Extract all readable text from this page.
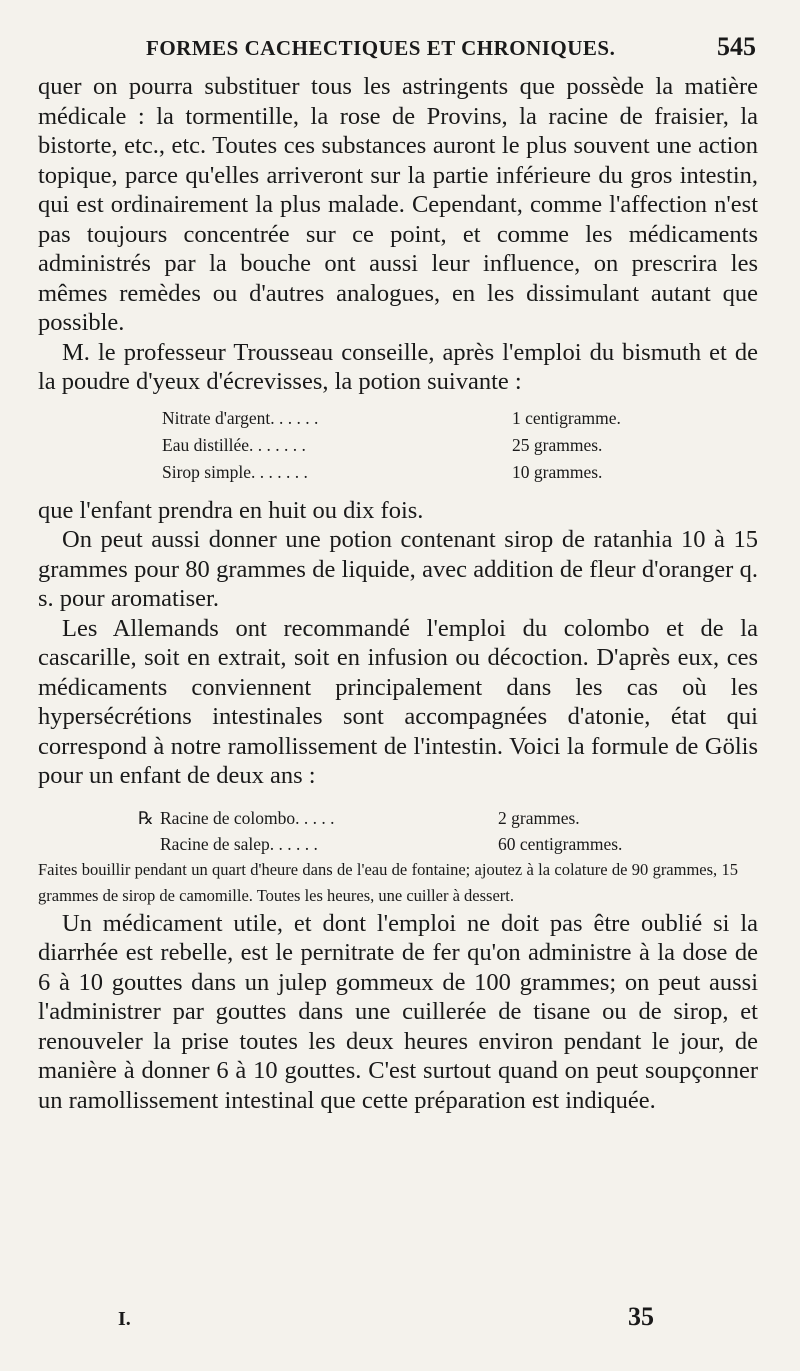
FORMES CACHECTIQUES ET CHRONIQUES.	545

quer on pourra substituer tous les astringents que possède la matière médicale : la tormentille, la rose de Provins, la racine de fraisier, la bistorte, etc., etc. Toutes ces substances auront le plus souvent une action topique, parce qu'elles arriveront sur la partie inférieure du gros intestin, qui est ordinairement la plus malade. Cependant, comme l'affection n'est pas toujours concentrée sur ce point, et comme les médicaments administrés par la bouche ont aussi leur influence, on prescrira les mêmes remèdes ou d'autres analogues, en les dissimulant autant que possible.

M. le professeur Trousseau conseille, après l'emploi du bismuth et de la poudre d'yeux d'écrevisses, la potion suivante :

Nitrate d'argent. . . . . .	1 centigramme.
Eau distillée. . . . . . .	25 grammes.
Sirop simple. . . . . . .	10 grammes.

que l'enfant prendra en huit ou dix fois.

On peut aussi donner une potion contenant sirop de ratanhia 10 à 15 grammes pour 80 grammes de liquide, avec addition de fleur d'oranger q. s. pour aromatiser.

Les Allemands ont recommandé l'emploi du colombo et de la cascarille, soit en extrait, soit en infusion ou décoction. D'après eux, ces médicaments conviennent principalement dans les cas où les hypersécrétions intestinales sont accompagnées d'atonie, état qui correspond à notre ramollissement de l'intestin. Voici la formule de Gölis pour un enfant de deux ans :

℞ Racine de colombo. . . . .	2 grammes.
Racine de salep. . . . . .	60 centigrammes.

Faites bouillir pendant un quart d'heure dans de l'eau de fontaine; ajoutez à la colature de 90 grammes, 15 grammes de sirop de camomille. Toutes les heures, une cuiller à dessert.

Un médicament utile, et dont l'emploi ne doit pas être oublié si la diarrhée est rebelle, est le pernitrate de fer qu'on administre à la dose de 6 à 10 gouttes dans un julep gommeux de 100 grammes; on peut aussi l'administrer par gouttes dans une cuillerée de tisane ou de sirop, et renouveler la prise toutes les deux heures environ pendant le jour, de manière à donner 6 à 10 gouttes. C'est surtout quand on peut soupçonner un ramollissement intestinal que cette préparation est indiquée.

I.	35
